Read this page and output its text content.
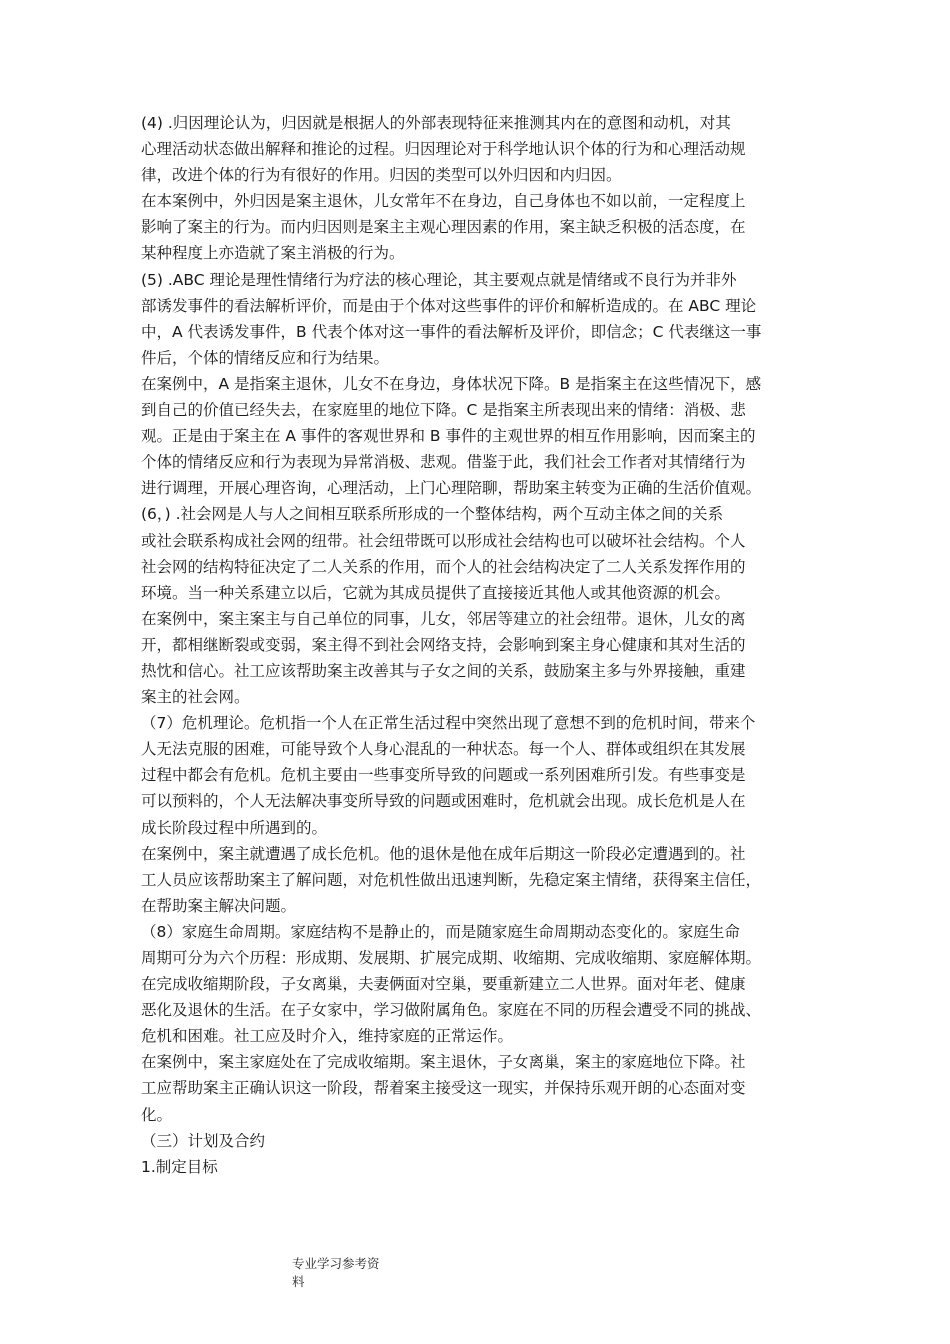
(4) .归因理论认为，归因就是根据人的外部表现特征来推测其内在的意图和动机，对其
心理活动状态做出解释和推论的过程。归因理论对于科学地认识个体的行为和心理活动规
律，改进个体的行为有很好的作用。归因的类型可以外归因和内归因。
在本案例中，外归因是案主退休，儿女常年不在身边，自己身体也不如以前，一定程度上
影响了案主的行为。而内归因则是案主主观心理因素的作用，案主缺乏积极的活态度，在
某种程度上亦造就了案主消极的行为。
(5) .ABC 理论是理性情绪行为疗法的核心理论，其主要观点就是情绪或不良行为并非外
部诱发事件的看法解析评价，而是由于个体对这些事件的评价和解析造成的。在 ABC 理论
中，A 代表诱发事件，B 代表个体对这一事件的看法解析及评价，即信念；C 代表继这一事
件后，个体的情绪反应和行为结果。
在案例中，A 是指案主退休，儿女不在身边，身体状况下降。B 是指案主在这些情况下，感
到自己的价值已经失去，在家庭里的地位下降。C 是指案主所表现出来的情绪：消极、悲
观。正是由于案主在 A 事件的客观世界和 B 事件的主观世界的相互作用影响，因而案主的
个体的情绪反应和行为表现为异常消极、悲观。借鉴于此，我们社会工作者对其情绪行为
进行调理，开展心理咨询，心理活动，上门心理陪聊，帮助案主转变为正确的生活价值观。
(6，) .社会网是人与人之间相互联系所形成的一个整体结构，两个互动主体之间的关系
或社会联系构成社会网的纽带。社会纽带既可以形成社会结构也可以破坏社会结构。个人
社会网的结构特征决定了二人关系的作用，而个人的社会结构决定了二人关系发挥作用的
环境。当一种关系建立以后，它就为其成员提供了直接接近其他人或其他资源的机会。
在案例中，案主案主与自己单位的同事，儿女，邻居等建立的社会纽带。退休，儿女的离
开，都相继断裂或变弱，案主得不到社会网络支持，会影响到案主身心健康和其对生活的
热忱和信心。社工应该帮助案主改善其与子女之间的关系，鼓励案主多与外界接触，重建
案主的社会网。
（7）危机理论。危机指一个人在正常生活过程中突然出现了意想不到的危机时间，带来个
人无法克服的困难，可能导致个人身心混乱的一种状态。每一个人、群体或组织在其发展
过程中都会有危机。危机主要由一些事变所导致的问题或一系列困难所引发。有些事变是
可以预料的，个人无法解决事变所导致的问题或困难时，危机就会出现。成长危机是人在
成长阶段过程中所遇到的。
在案例中，案主就遭遇了成长危机。他的退休是他在成年后期这一阶段必定遭遇到的。社
工人员应该帮助案主了解问题，对危机性做出迅速判断，先稳定案主情绪，获得案主信任，
在帮助案主解决问题。
（8）家庭生命周期。家庭结构不是静止的，而是随家庭生命周期动态变化的。家庭生命
周期可分为六个历程：形成期、发展期、扩展完成期、收缩期、完成收缩期、家庭解体期。
在完成收缩期阶段，子女离巢，夫妻俩面对空巢，要重新建立二人世界。面对年老、健康
恶化及退休的生活。在子女家中，学习做附属角色。家庭在不同的历程会遭受不同的挑战、
危机和困难。社工应及时介入，维持家庭的正常运作。
在案例中，案主家庭处在了完成收缩期。案主退休，子女离巢，案主的家庭地位下降。社
工应帮助案主正确认识这一阶段，帮着案主接受这一现实，并保持乐观开朗的心态面对变
化。
（三）计划及合约
1.制定目标
专业学习参考资
料
